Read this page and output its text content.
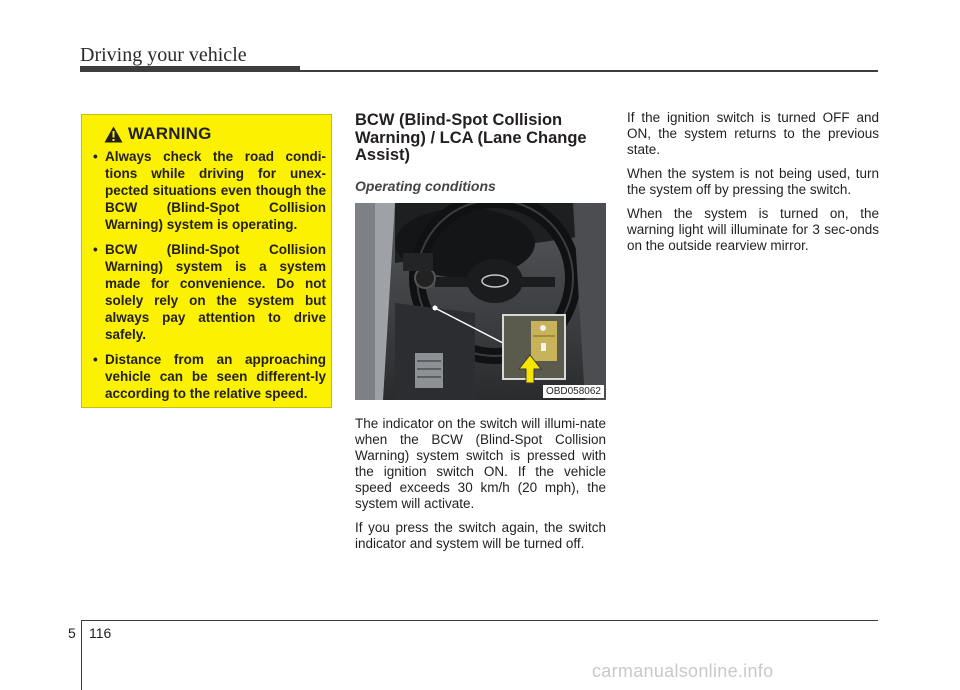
Driving your vehicle
WARNING
• Always check the road condi-tions while driving for unex-pected situations even though the BCW (Blind-Spot Collision Warning) system is operating.
• BCW (Blind-Spot Collision Warning) system is a system made for convenience. Do not solely rely on the system but always pay attention to drive safely.
• Distance from an approaching vehicle can be seen different-ly according to the relative speed.
BCW (Blind-Spot Collision Warning) / LCA (Lane Change Assist)
Operating conditions
OBD058062

The indicator on the switch will illumi-nate when the BCW (Blind-Spot Collision Warning) system switch is pressed with the ignition switch ON. If the vehicle speed exceeds 30 km/h (20 mph), the system will activate.

If you press the switch again, the switch indicator and system will be turned off.

If the ignition switch is turned OFF and ON, the system returns to the previous state.

When the system is not being used, turn the system off by pressing the switch.

When the system is turned on, the warning light will illuminate for 3 sec-onds on the outside rearview mirror.

5 116
carmanualsonline.info
